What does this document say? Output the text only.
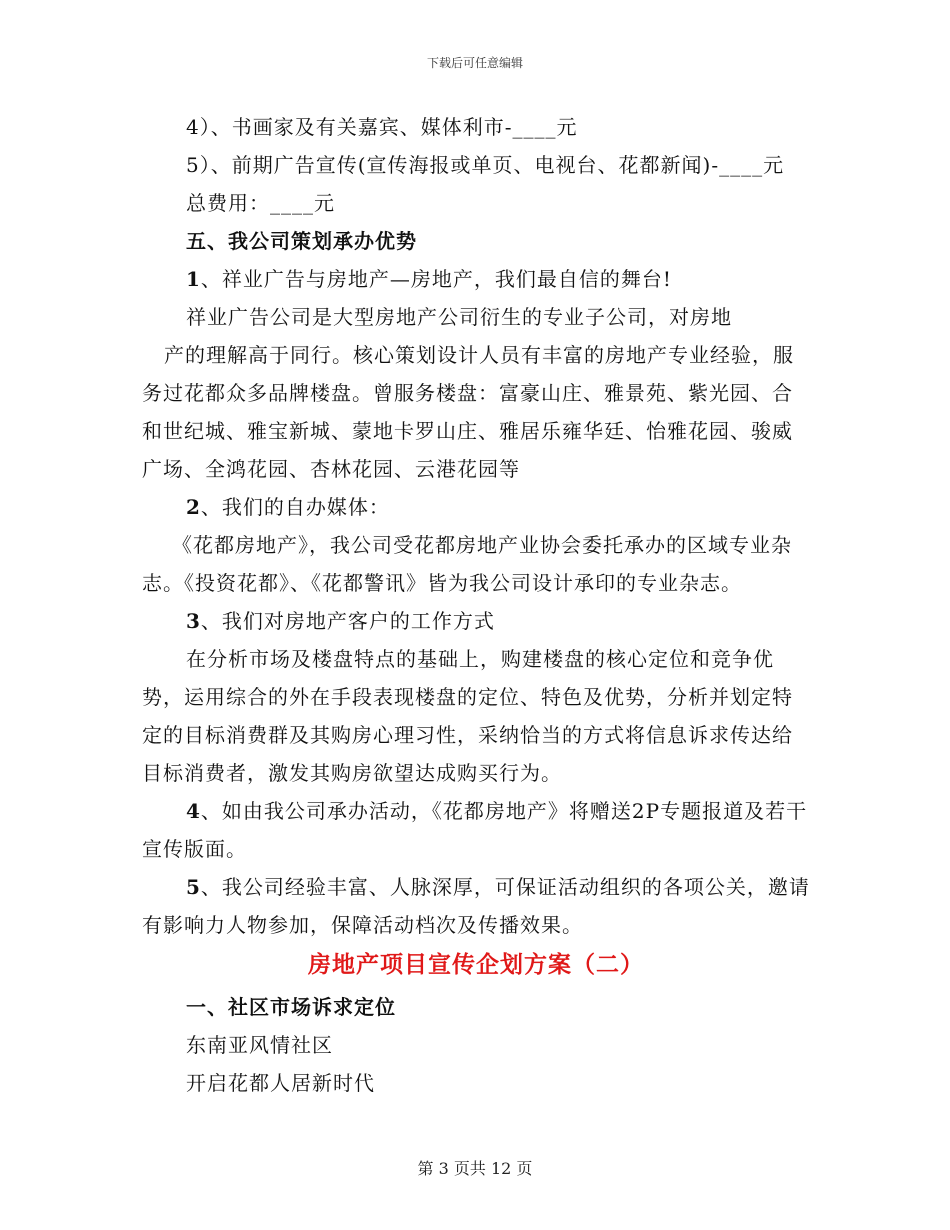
下载后可任意编辑

4）、书画家及有关嘉宾、媒体利市-____元

5）、前期广告宣传(宣传海报或单页、电视台、花都新闻)-____元

总费用：____元

五、我公司策划承办优势

1、祥业广告与房地产—房地产，我们最自信的舞台!

祥业广告公司是大型房地产公司衍生的专业子公司，对房地

产的理解高于同行。核心策划设计人员有丰富的房地产专业经验，服务过花都众多品牌楼盘。曾服务楼盘：富豪山庄、雅景苑、紫光园、合和世纪城、雅宝新城、蒙地卡罗山庄、雅居乐雍华廷、怡雅花园、骏威广场、全鸿花园、杏林花园、云港花园等

2、我们的自办媒体：

《花都房地产》，我公司受花都房地产业协会委托承办的区域专业杂志。《投资花都》、《花都警讯》皆为我公司设计承印的专业杂志。

3、我们对房地产客户的工作方式

在分析市场及楼盘特点的基础上，购建楼盘的核心定位和竞争优势，运用综合的外在手段表现楼盘的定位、特色及优势，分析并划定特定的目标消费群及其购房心理习性，采纳恰当的方式将信息诉求传达给目标消费者，激发其购房欲望达成购买行为。

4、如由我公司承办活动，《花都房地产》将赠送2P专题报道及若干宣传版面。

5、我公司经验丰富、人脉深厚，可保证活动组织的各项公关，邀请有影响力人物参加，保障活动档次及传播效果。

房地产项目宣传企划方案（二）

一、社区市场诉求定位

东南亚风情社区

开启花都人居新时代

第 3 页共 12 页
